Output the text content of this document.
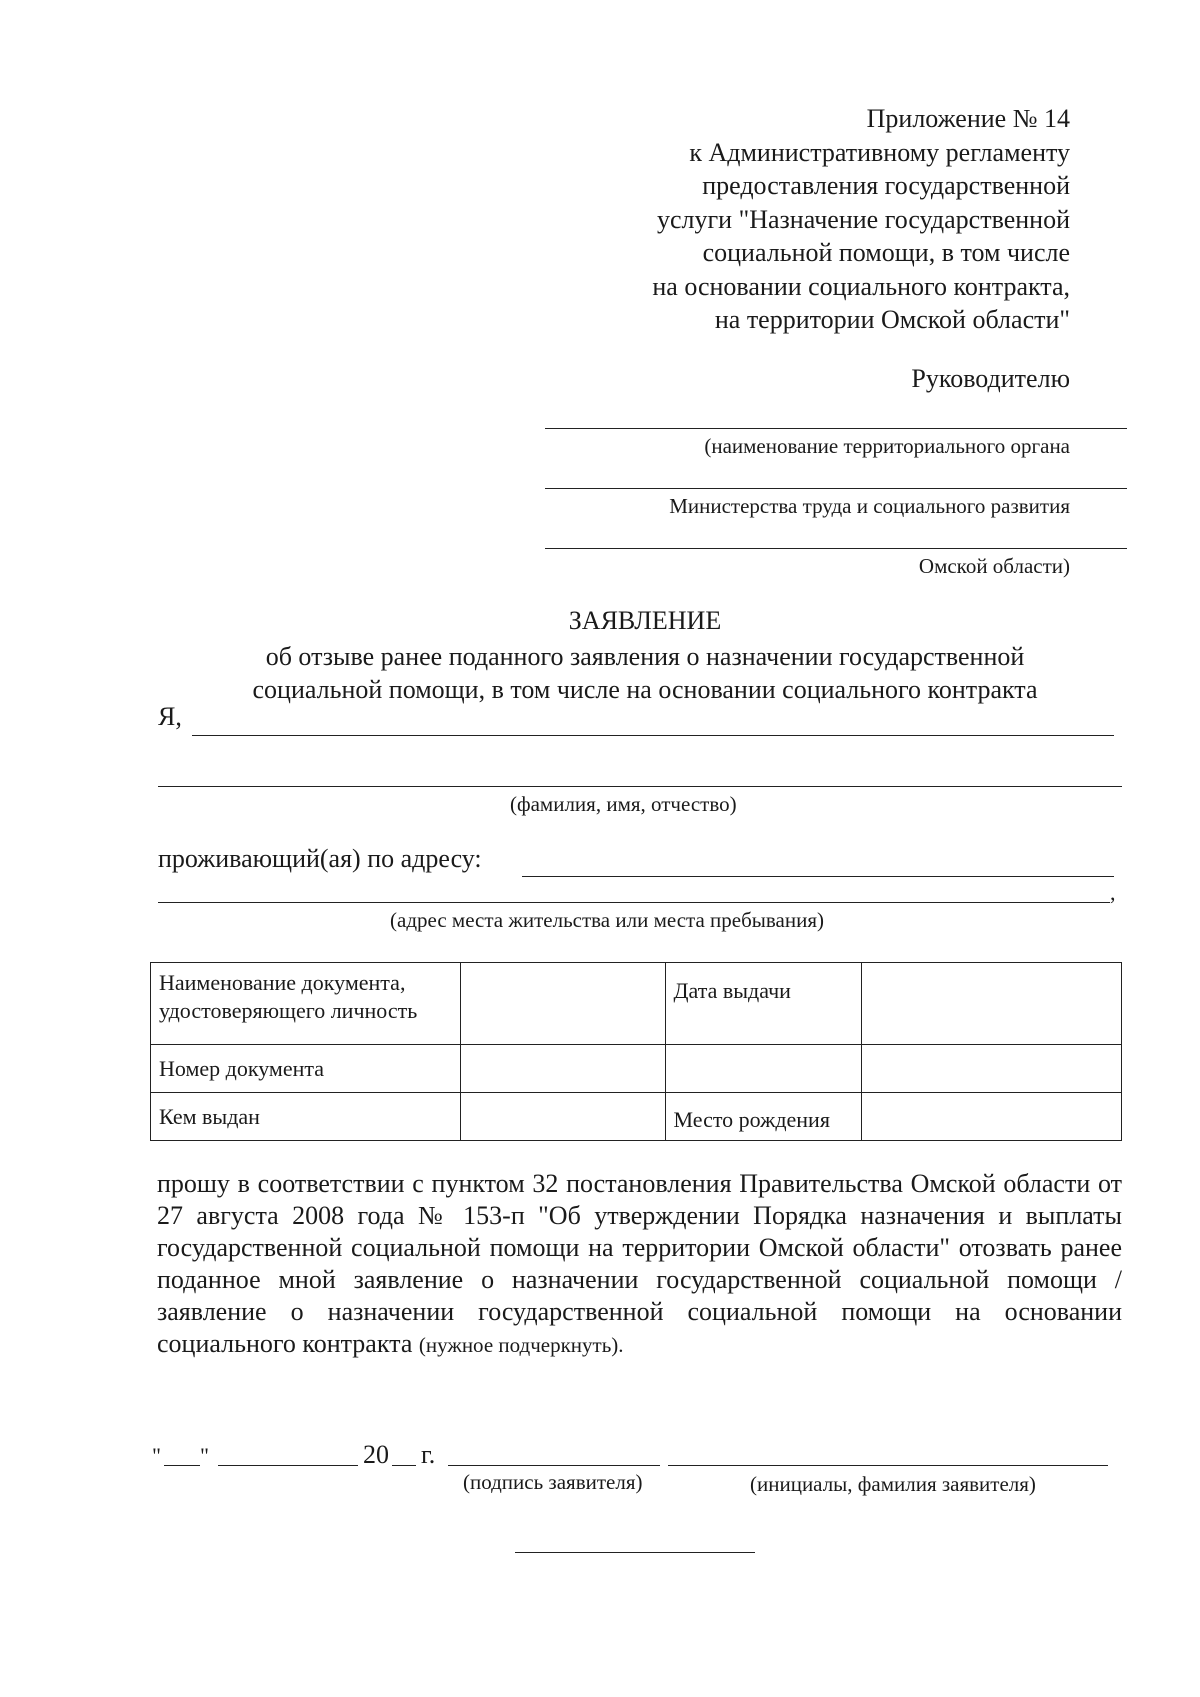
Приложение № 14
к Административному регламенту
предоставления государственной
услуги "Назначение государственной
социальной помощи, в том числе
на основании социального контракта,
на территории Омской области"
Руководителю
(наименование территориального органа
Министерства труда и социального развития
Омской области)
ЗАЯВЛЕНИЕ
об отзыве ранее поданного заявления о назначении государственной
социальной помощи, в том числе на основании социального контракта
Я,
(фамилия, имя, отчество)
проживающий(ая) по адресу:
,
(адрес места жительства или места пребывания)
Наименование документа, удостоверяющего личность		Дата выдачи	
Номер документа			
Кем выдан		Место рождения	
прошу в соответствии с пунктом 32 постановления Правительства Омской области от 27 августа 2008 года № 153-п "Об утверждении Порядка назначения и выплаты государственной социальной помощи на территории Омской области" отозвать ранее поданное мной заявление о назначении государственной социальной помощи / заявление о назначении государственной социальной помощи на основании социального контракта (нужное подчеркнуть).
" "	20 г.
(подпись заявителя)	(инициалы, фамилия заявителя)
